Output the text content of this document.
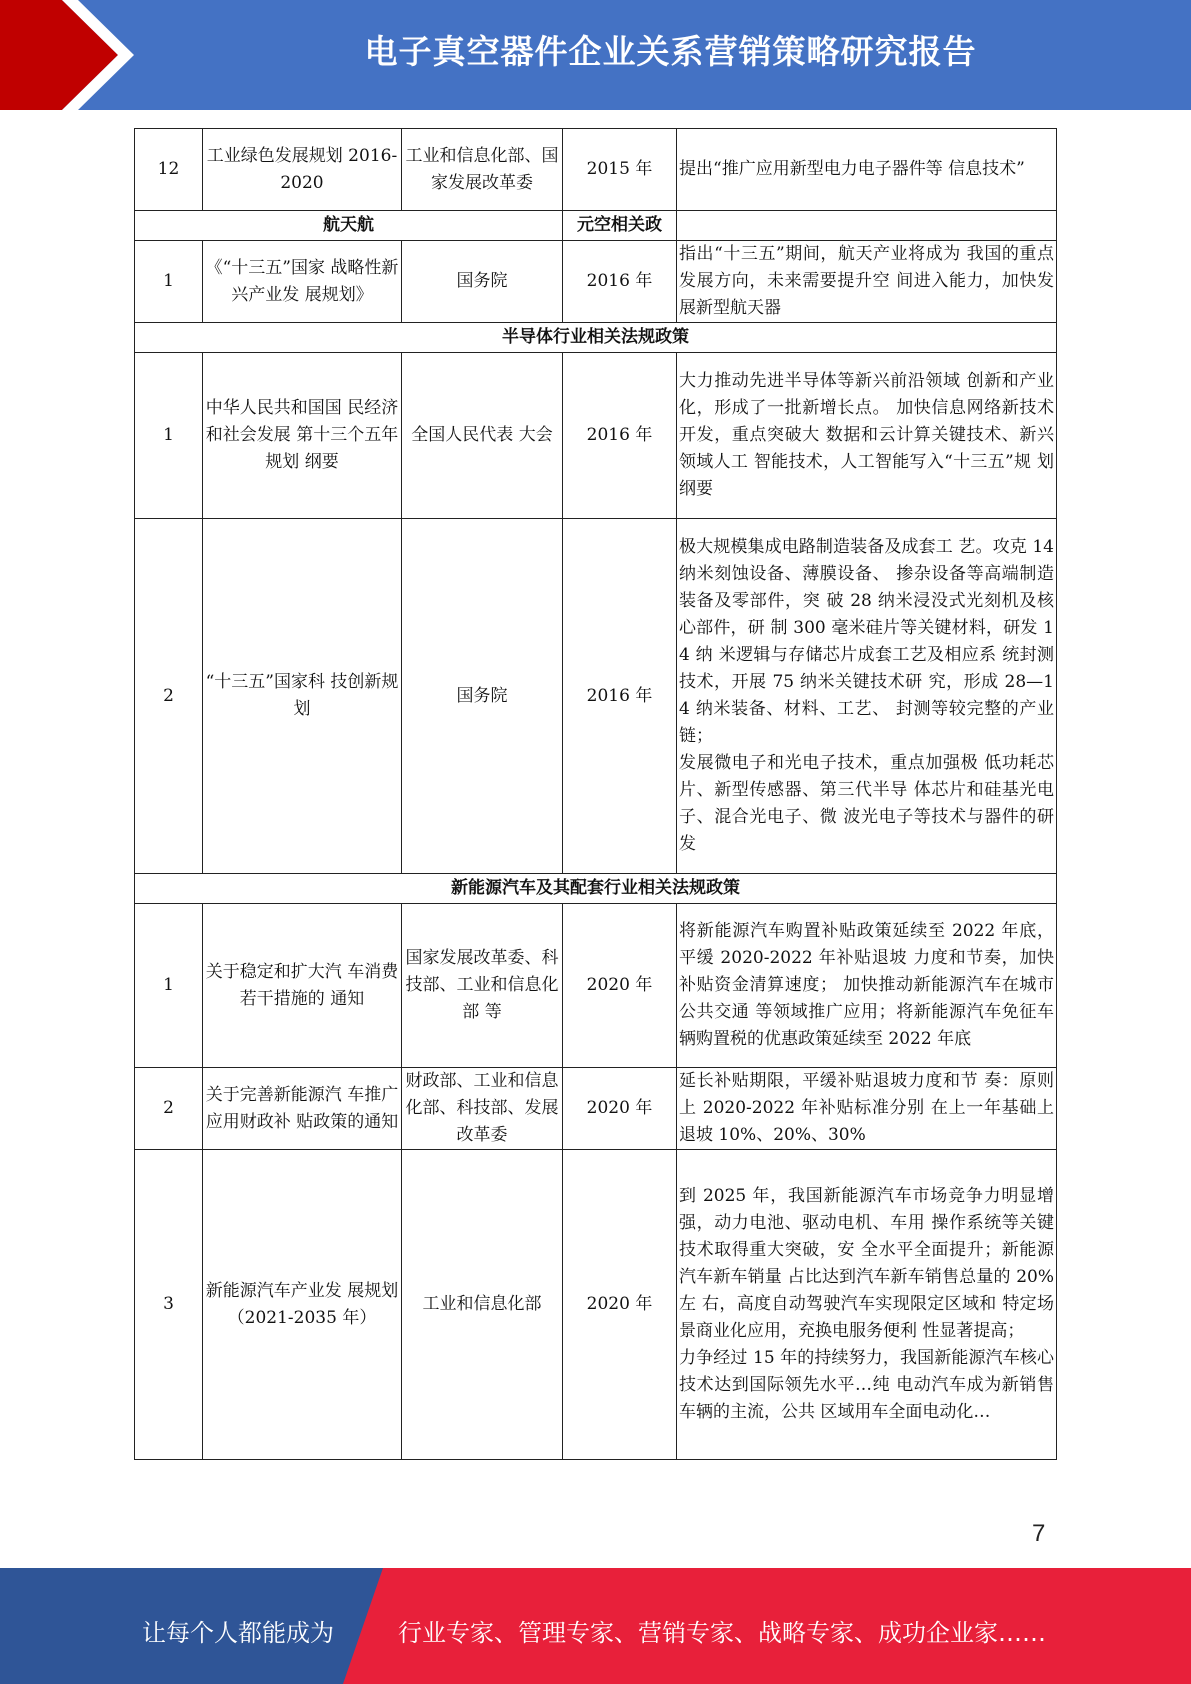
电子真空器件企业关系营销策略研究报告
12	工业绿色发展规划 2016-2020	工业和信息化部、国家发展改革委	2015 年	提出“推广应用新型电力电子器件等 信息技术”
航天航			元空相关政	
1	《“十三五”国家 战略性新兴产业发 展规划》	国务院	2016 年	指出“十三五”期间，航天产业将成为 我国的重点发展方向，未来需要提升空 间进入能力，加快发展新型航天器
半导体行业相关法规政策				
1	中华人民共和国国 民经济和社会发展 第十三个五年规划 纲要	全国人民代表 大会	2016 年	大力推动先进半导体等新兴前沿领域 创新和产业化，形成了一批新增长点。 加快信息网络新技术开发，重点突破大 数据和云计算关键技术、新兴领域人工 智能技术，人工智能写入“十三五”规 划纲要
2	“十三五”国家科 技创新规划	国务院	2016 年	极大规模集成电路制造装备及成套工 艺。攻克 14 纳米刻蚀设备、薄膜设备、 掺杂设备等高端制造装备及零部件，突 破 28 纳米浸没式光刻机及核心部件，研 制 300 毫米硅片等关键材料，研发 14 纳 米逻辑与存储芯片成套工艺及相应系 统封测技术，开展 75 纳米关键技术研 究，形成 28—14 纳米装备、材料、工艺、 封测等较完整的产业链；

发展微电子和光电子技术，重点加强极 低功耗芯片、新型传感器、第三代半导 体芯片和硅基光电子、混合光电子、微 波光电子等技术与器件的研发

新能源汽车及其配套行业相关法规政策				
1	关于稳定和扩大汽 车消费若干措施的 通知	国家发展改革委、科技部、工业和信息化部 等	2020 年	将新能源汽车购置补贴政策延续至 2022 年底，平缓 2020-2022 年补贴退坡 力度和节奏，加快补贴资金清算速度； 加快推动新能源汽车在城市公共交通 等领域推广应用；将新能源汽车免征车 辆购置税的优惠政策延续至 2022 年底
2	关于完善新能源汽 车推广应用财政补 贴政策的通知	财政部、工业和信息化部、科技部、发展改革委	2020 年	延长补贴期限，平缓补贴退坡力度和节 奏：原则上 2020-2022 年补贴标准分别 在上一年基础上退坡 10%、20%、30%
3	新能源汽车产业发 展规划 （2021-2035 年）	工业和信息化部	2020 年	到 2025 年，我国新能源汽车市场竞争力明显增强，动力电池、驱动电机、车用 操作系统等关键技术取得重大突破，安 全水平全面提升；新能源汽车新车销量 占比达到汽车新车销售总量的 20%左 右，高度自动驾驶汽车实现限定区域和 特定场景商业化应用，充换电服务便利 性显著提高；

力争经过 15 年的持续努力，我国新能源汽车核心技术达到国际领先水平…纯 电动汽车成为新销售车辆的主流，公共 区域用车全面电动化…

7
让每个人都能成为	行业专家、管理专家、营销专家、战略专家、成功企业家……
